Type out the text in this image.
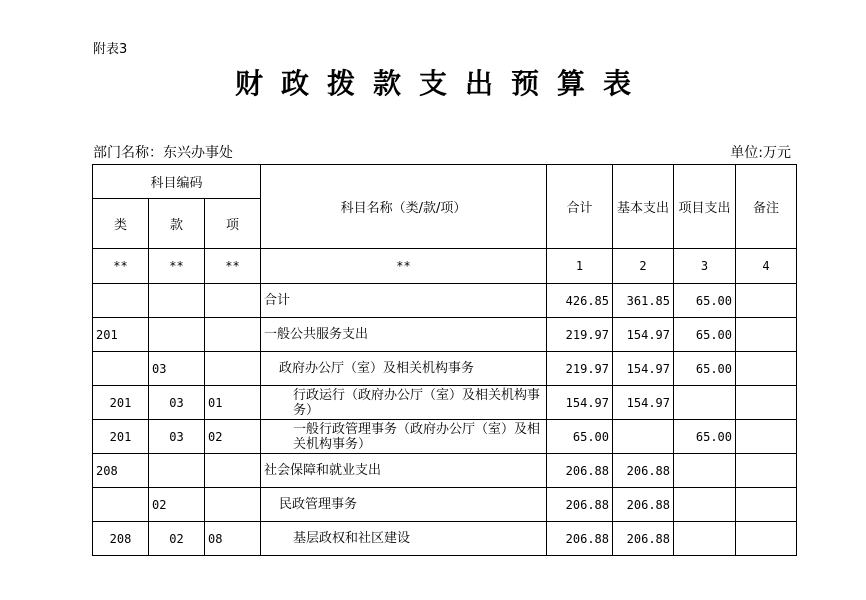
附表3
财政拨款支出预算表
部门名称：东兴办事处	单位:万元
科目编码			科目名称（类/款/项）	合计	基本支出	项目支出	备注
类	款	项					
**	**	**	**	1	2	3	4
			合计	426.85	361.85	65.00	
201			一般公共服务支出	219.97	154.97	65.00	
	03		政府办公厅（室）及相关机构事务	219.97	154.97	65.00	
201	03	01	行政运行（政府办公厅（室）及相关机构事务）	154.97	154.97		
201	03	02	一般行政管理事务（政府办公厅（室）及相关机构事务）	65.00		65.00	
208			社会保障和就业支出	206.88	206.88		
	02		民政管理事务	206.88	206.88		
208	02	08	基层政权和社区建设	206.88	206.88		
